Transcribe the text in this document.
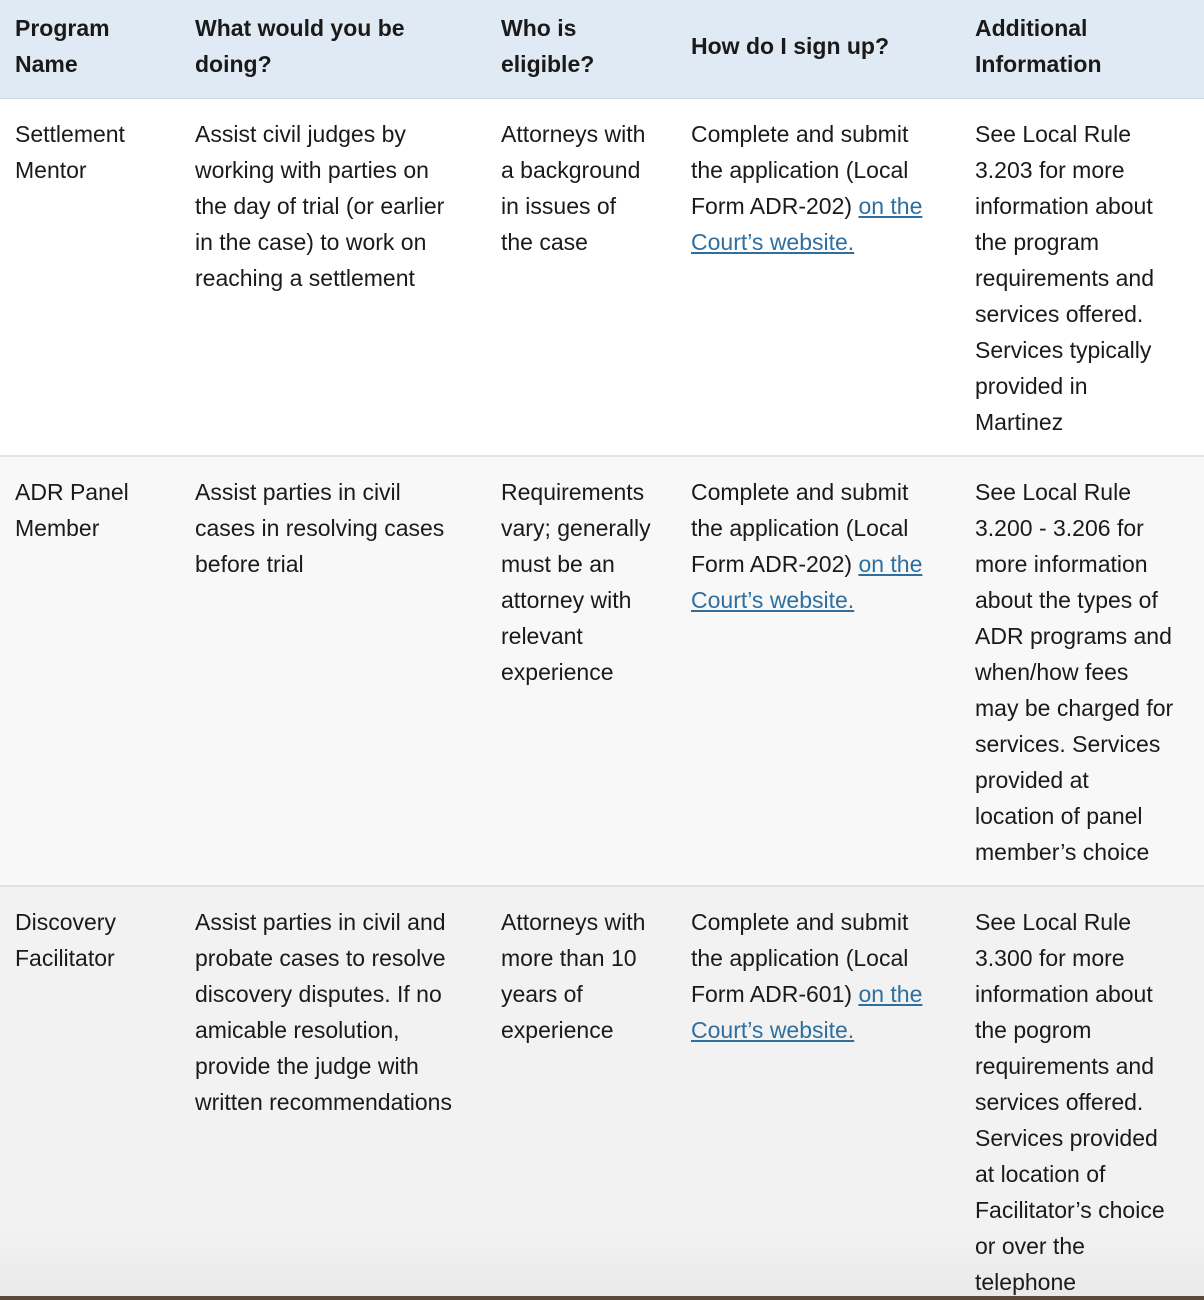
Program
Name
What would you be
doing?
Who is
eligible?
How do I sign up?
Additional
Information
Settlement
Mentor
Assist civil judges by
working with parties on
the day of trial (or earlier
in the case) to work on
reaching a settlement
Attorneys with
a background
in issues of
the case
Complete and submit
the application (Local
Form ADR-202) on the
Court’s website.
See Local Rule
3.203 for more
information about
the program
requirements and
services offered.
Services typically
provided in
Martinez
ADR Panel
Member
Assist parties in civil
cases in resolving cases
before trial
Requirements
vary; generally
must be an
attorney with
relevant
experience
Complete and submit
the application (Local
Form ADR-202) on the
Court’s website.
See Local Rule
3.200 - 3.206 for
more information
about the types of
ADR programs and
when/how fees
may be charged for
services. Services
provided at
location of panel
member’s choice
Discovery
Facilitator
Assist parties in civil and
probate cases to resolve
discovery disputes. If no
amicable resolution,
provide the judge with
written recommendations
Attorneys with
more than 10
years of
experience
Complete and submit
the application (Local
Form ADR-601) on the
Court’s website.
See Local Rule
3.300 for more
information about
the pogrom
requirements and
services offered.
Services provided
at location of
Facilitator’s choice
or over the
telephone
